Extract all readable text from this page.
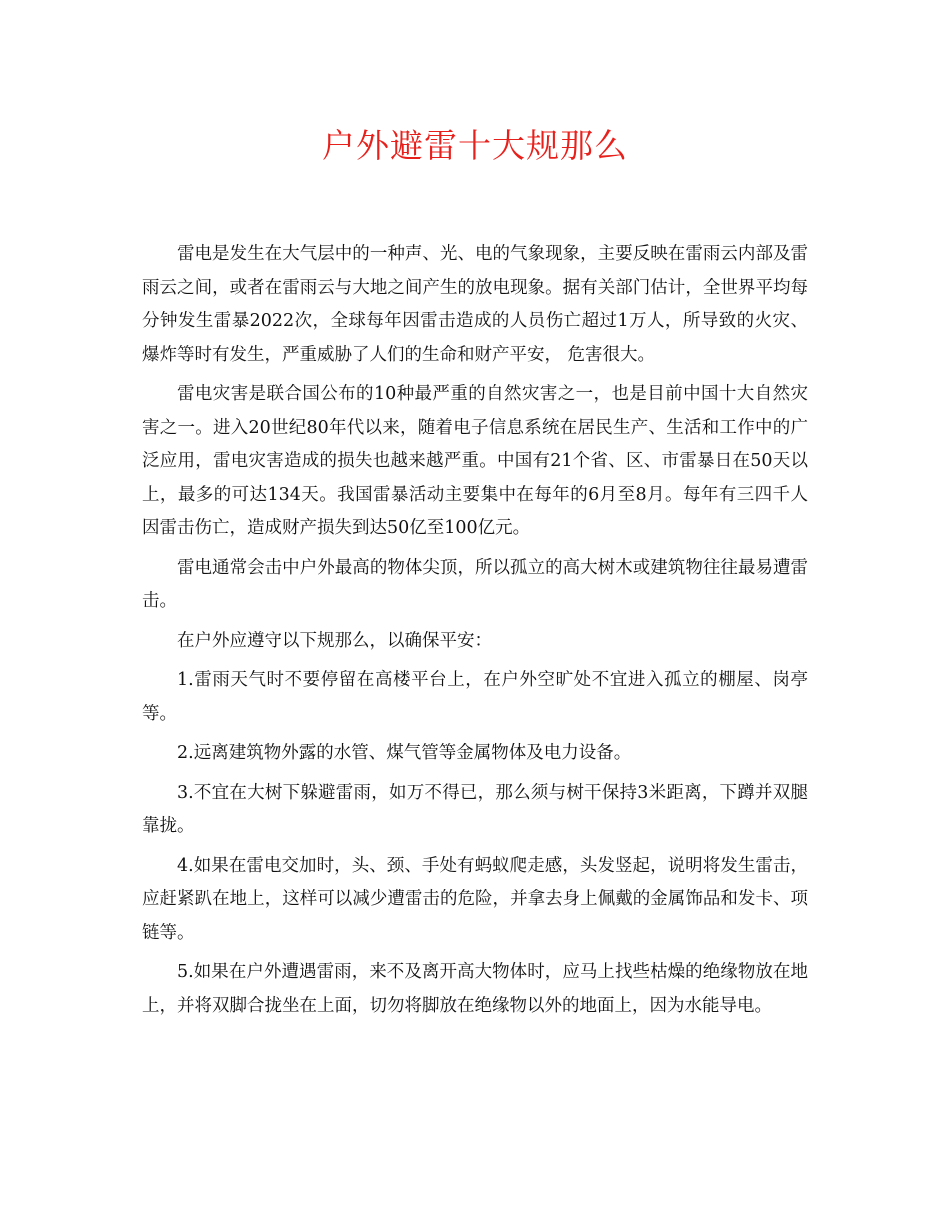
户外避雷十大规那么

雷电是发生在大气层中的一种声、光、电的气象现象，主要反映在雷雨云内部及雷雨云之间，或者在雷雨云与大地之间产生的放电现象。据有关部门估计，全世界平均每分钟发生雷暴2022次，全球每年因雷击造成的人员伤亡超过1万人，所导致的火灾、爆炸等时有发生，严重威胁了人们的生命和财产平安， 危害很大。

雷电灾害是联合国公布的10种最严重的自然灾害之一，也是目前中国十大自然灾害之一。进入20世纪80年代以来，随着电子信息系统在居民生产、生活和工作中的广泛应用，雷电灾害造成的损失也越来越严重。中国有21个省、区、市雷暴日在50天以上，最多的可达134天。我国雷暴活动主要集中在每年的6月至8月。每年有三四千人因雷击伤亡，造成财产损失到达50亿至100亿元。

雷电通常会击中户外最高的物体尖顶，所以孤立的高大树木或建筑物往往最易遭雷击。

在户外应遵守以下规那么，以确保平安：

1.雷雨天气时不要停留在高楼平台上，在户外空旷处不宜进入孤立的棚屋、岗亭等。

2.远离建筑物外露的水管、煤气管等金属物体及电力设备。

3.不宜在大树下躲避雷雨，如万不得已，那么须与树干保持3米距离，下蹲并双腿靠拢。

4.如果在雷电交加时，头、颈、手处有蚂蚁爬走感，头发竖起，说明将发生雷击，应赶紧趴在地上，这样可以减少遭雷击的危险，并拿去身上佩戴的金属饰品和发卡、项链等。

5.如果在户外遭遇雷雨，来不及离开高大物体时，应马上找些枯燥的绝缘物放在地上，并将双脚合拢坐在上面，切勿将脚放在绝缘物以外的地面上，因为水能导电。
